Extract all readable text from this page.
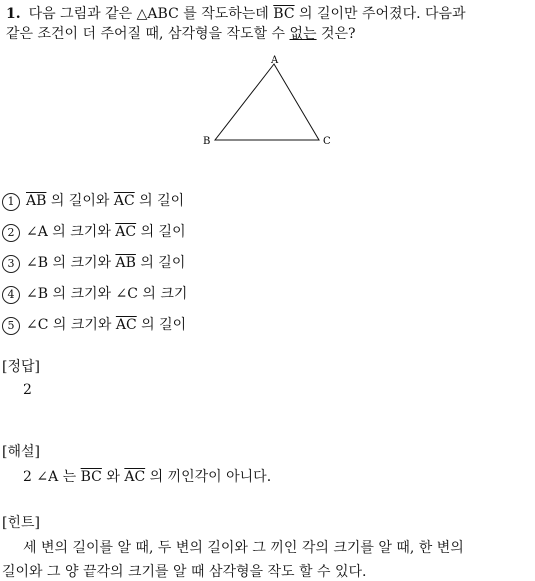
1. 다음 그림과 같은 △ABC 를 작도하는데 $\overline{BC}$ 의 길이만 주어졌다. 다음과
같은 조건이 더 주어질 때, 삼각형을 작도할 수 없는 것은?
A
B	C
1 $\overline{AB}$ 의 길이와 $\overline{AC}$ 의 길이
2 ∠A 의 크기와 $\overline{AC}$ 의 길이
3 ∠B 의 크기와 $\overline{AB}$ 의 길이
4 ∠B 의 크기와 ∠C 의 크기
5 ∠C 의 크기와 $\overline{AC}$ 의 길이
[정답]
2
[해설]
2 ∠A 는 $\overline{BC}$ 와 $\overline{AC}$ 의 끼인각이 아니다.
[힌트]
세 변의 길이를 알 때, 두 변의 길이와 그 끼인 각의 크기를 알 때, 한 변의
길이와 그 양 끝각의 크기를 알 때 삼각형을 작도 할 수 있다.
